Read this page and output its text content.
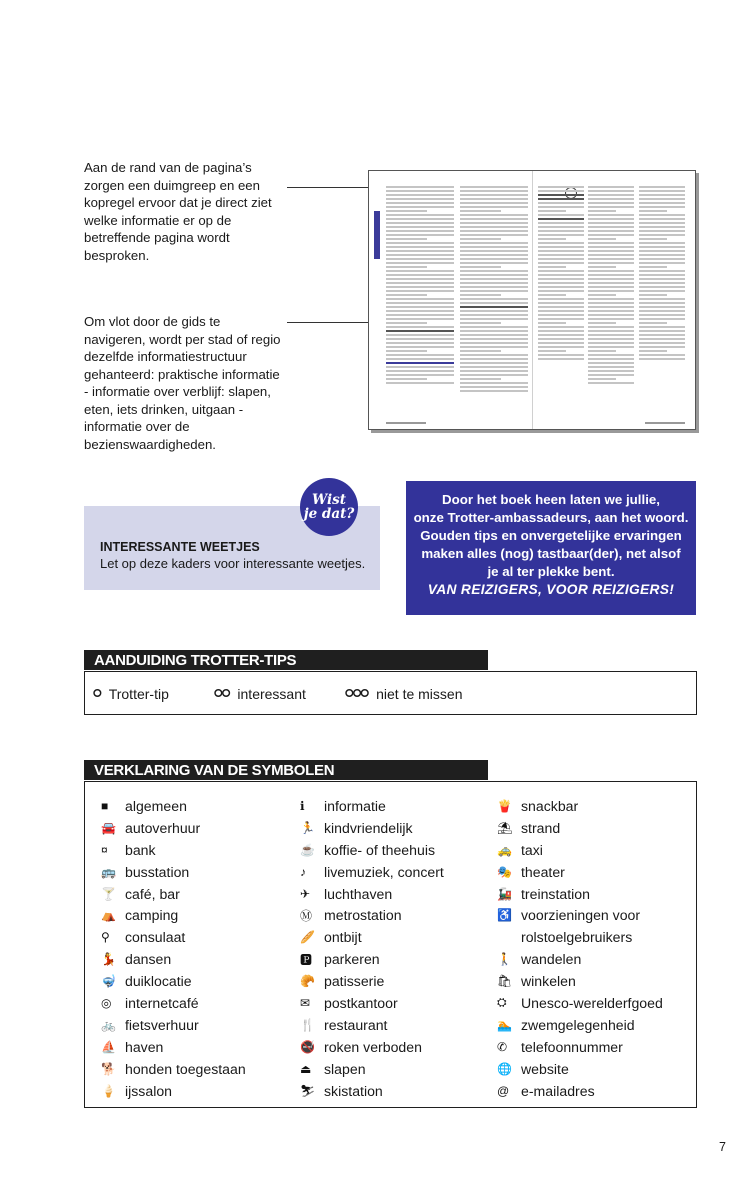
Aan de rand van de pagina’s zorgen een duimgreep en een kopregel ervoor dat je direct ziet welke informatie er op de betreffende pagina wordt besproken.

Om vlot door de gids te navigeren, wordt per stad of regio dezelfde informatiestructuur gehanteerd: praktische informatie - informatie over verblijf: slapen, eten, iets drinken, uitgaan - informatie over de bezienswaardigheden.

Wist
je dat?
INTERESSANTE WEETJES
Let op deze kaders voor interessante weetjes.
Door het boek heen laten we jullie,
onze Trotter-ambassadeurs, aan het woord.
Gouden tips en onvergetelijke ervaringen
maken alles (nog) tastbaar(der), net alsof
je al ter plekke bent.
VAN REIZIGERS, VOOR REIZIGERS!
AANDUIDING TROTTER-TIPS
🞇 Trotter-tip	🞇🞇 interessant	🞇🞇🞇 niet te missen
VERKLARING VAN DE SYMBOLEN
■	algemeen
🚘 autoverhuur
¤	bank
🚌 busstation
🍸 café, bar
⛺ camping
⚲	consulaat
💃 dansen
🤿 duiklocatie
◎ internetcafé
🚲 fietsverhuur
⛵ haven
🐕 honden toegestaan
🍦 ijssalon
ℹ	informatie
🏃 kindvriendelijk
☕ koffie- of theehuis
♪	livemuziek, concert
✈ luchthaven
Ⓜ metrostation
🥖 ontbijt
🅿 parkeren
🥐 patisserie
✉ postkantoor
🍴 restaurant
🚭 roken verboden
⏏ slapen
⛷ skistation
🍟 snackbar
⛱ strand
🚕 taxi
🎭 theater
🚂 treinstation
♿ voorzieningen voor
rolstoelgebruikers
🚶 wandelen
🛍 winkelen
⛭	Unesco-werelderfgoed
🏊 zwemgelegenheid
✆ telefoonnummer
🌐 website
@ e-mailadres
7
